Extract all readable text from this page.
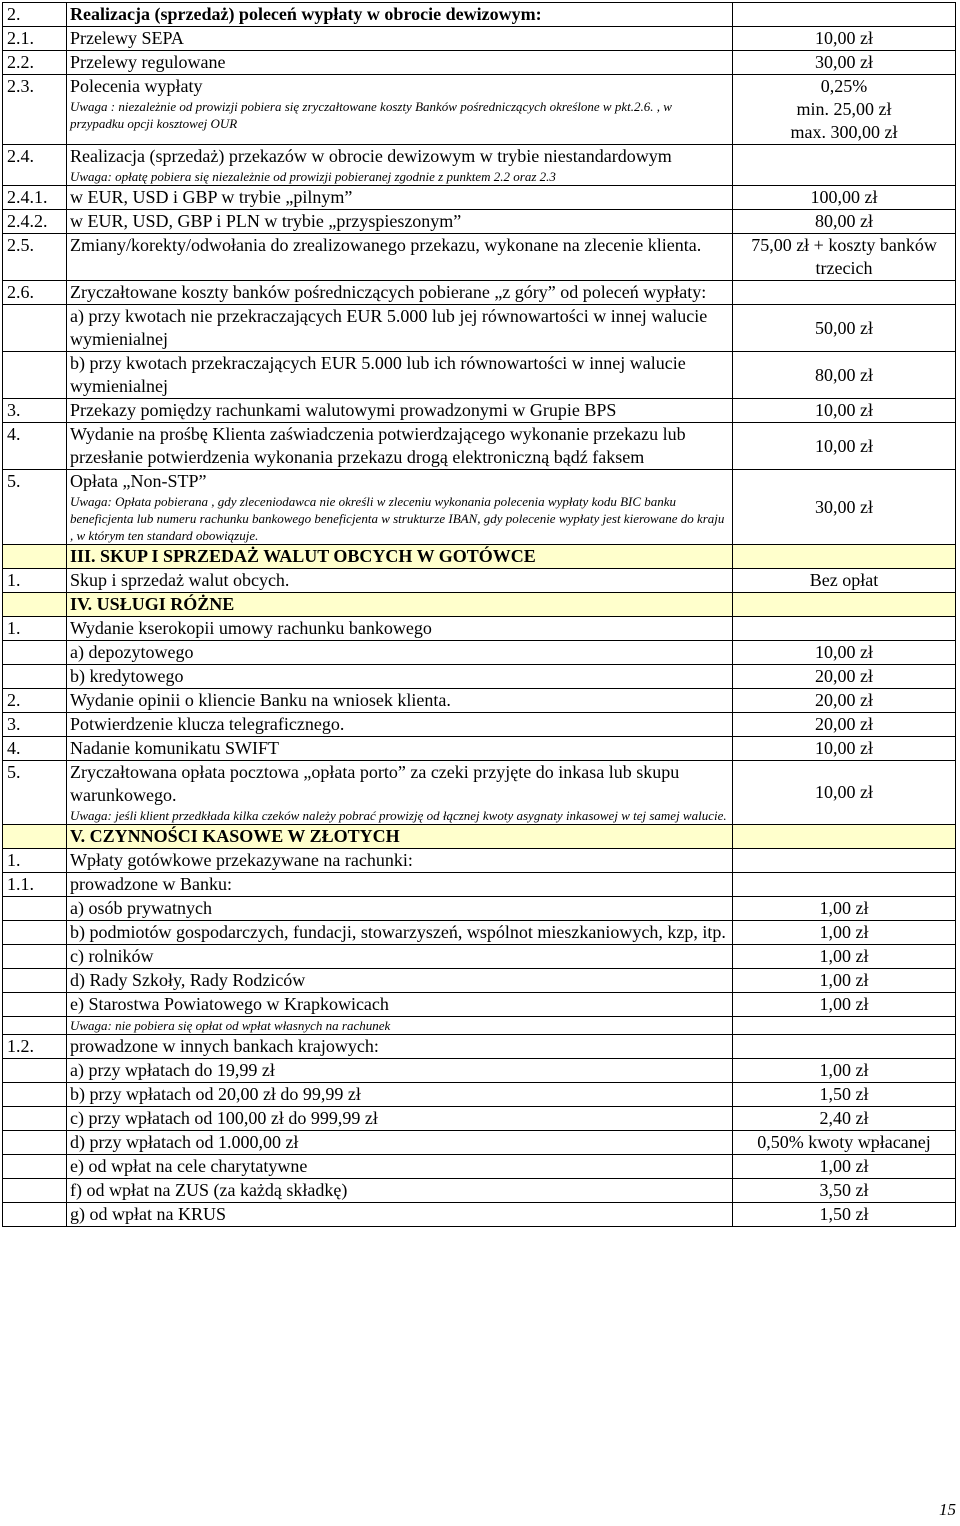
2.	Realizacja (sprzedaż) poleceń wypłaty w obrocie dewizowym:	
2.1.	Przelewy SEPA	10,00 zł
2.2.	Przelewy regulowane	30,00 zł
2.3.	Polecenia wypłaty
Uwaga : niezależnie od prowizji pobiera się zryczałtowane koszty Banków pośredniczących określone w pkt.2.6. , w przypadku opcji kosztowej OUR	0,25%
min. 25,00 zł
max. 300,00 zł
2.4.	Realizacja (sprzedaż) przekazów w obrocie dewizowym w trybie niestandardowym
Uwaga: opłatę pobiera się niezależnie od prowizji pobieranej zgodnie z punktem 2.2 oraz 2.3	

2.4.1.	w EUR, USD i GBP w trybie „pilnym”	100,00 zł
2.4.2.	w EUR, USD, GBP i PLN w trybie „przyspieszonym”	80,00 zł
2.5.	Zmiany/korekty/odwołania do zrealizowanego przekazu, wykonane na zlecenie klienta.	75,00 zł + koszty banków trzecich
2.6.	Zryczałtowane koszty banków pośredniczących pobierane „z góry” od poleceń wypłaty:	
	a) przy kwotach nie przekraczających EUR 5.000 lub jej równowartości w innej walucie wymienialnej	50,00 zł
	b) przy kwotach przekraczających EUR 5.000 lub ich równowartości w innej walucie wymienialnej	80,00 zł
3.	Przekazy pomiędzy rachunkami walutowymi prowadzonymi w Grupie BPS	10,00 zł
4.	Wydanie na prośbę Klienta zaświadczenia potwierdzającego wykonanie przekazu lub przesłanie potwierdzenia wykonania przekazu drogą elektroniczną bądź faksem	10,00 zł
5.	Opłata „Non-STP”
Uwaga: Opłata pobierana , gdy zleceniodawca nie określi w zleceniu wykonania polecenia wypłaty kodu BIC banku beneficjenta lub numeru rachunku bankowego beneficjenta w strukturze IBAN, gdy polecenie wypłaty jest kierowane do kraju , w którym ten standard obowiązuje.	30,00 zł
	III. SKUP I SPRZEDAŻ WALUT OBCYCH W GOTÓWCE	
1.	Skup i sprzedaż walut obcych.	Bez opłat
	IV. USŁUGI RÓŻNE	
1.	Wydanie kserokopii umowy rachunku bankowego	
	a) depozytowego	10,00 zł
	b) kredytowego	20,00 zł
2.	Wydanie opinii o kliencie Banku na wniosek klienta.	20,00 zł
3.	Potwierdzenie klucza telegraficznego.	20,00 zł
4.	Nadanie komunikatu SWIFT	10,00 zł
5.	Zryczałtowana opłata pocztowa „opłata porto” za czeki przyjęte do inkasa lub skupu warunkowego.
Uwaga: jeśli klient przedkłada kilka czeków należy pobrać prowizję od łącznej kwoty asygnaty inkasowej w tej samej walucie.	10,00 zł
	V. CZYNNOŚCI KASOWE W ZŁOTYCH	
1.	Wpłaty gotówkowe przekazywane na rachunki:	
1.1.	prowadzone w Banku:	
	a) osób prywatnych	1,00 zł
	b) podmiotów gospodarczych, fundacji, stowarzyszeń, wspólnot mieszkaniowych, kzp, itp.	1,00 zł
	c) rolników	1,00 zł
	d) Rady Szkoły, Rady Rodziców	1,00 zł
	e) Starostwa Powiatowego w Krapkowicach	1,00 zł

	Uwaga: nie pobiera się opłat od wpłat własnych na rachunek	

1.2.	prowadzone w innych bankach krajowych:	
	a) przy wpłatach do 19,99 zł	1,00 zł
	b) przy wpłatach od 20,00 zł do 99,99 zł	1,50 zł
	c) przy wpłatach od 100,00 zł do 999,99 zł	2,40 zł
	d) przy wpłatach od 1.000,00 zł	0,50% kwoty wpłacanej
	e) od wpłat na cele charytatywne	1,00 zł
	f) od wpłat na ZUS (za każdą składkę)	3,50 zł
	g) od wpłat na KRUS	1,50 zł
15
